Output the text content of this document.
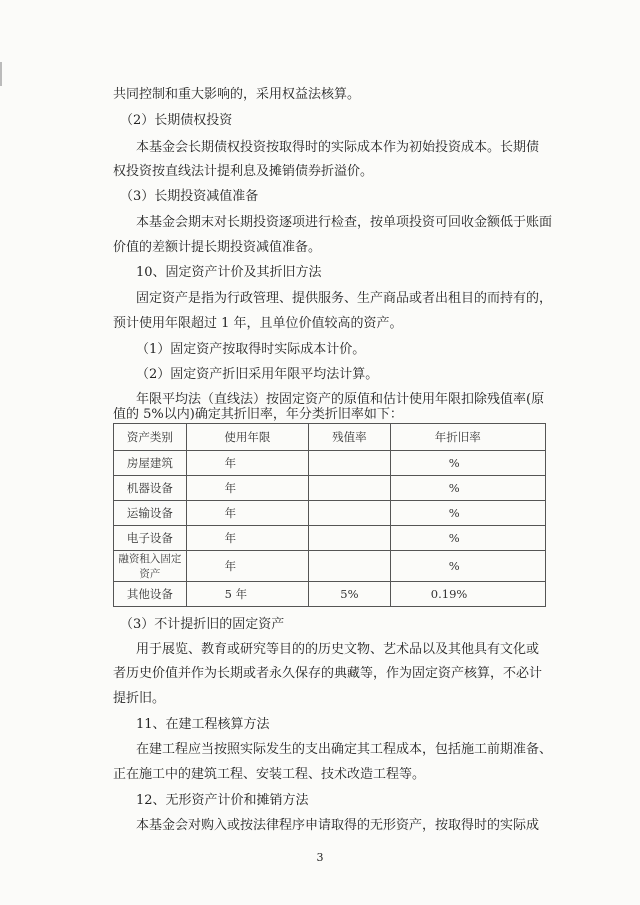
共同控制和重大影响的，采用权益法核算。
（2）长期债权投资
本基金会长期债权投资按取得时的实际成本作为初始投资成本。长期债
权投资按直线法计提利息及摊销债券折溢价。
（3）长期投资减值准备
本基金会期末对长期投资逐项进行检查，按单项投资可回收金额低于账面
价值的差额计提长期投资减值准备。
10、固定资产计价及其折旧方法
固定资产是指为行政管理、提供服务、生产商品或者出租目的而持有的，
预计使用年限超过 1 年，且单位价值较高的资产。
（1）固定资产按取得时实际成本计价。
（2）固定资产折旧采用年限平均法计算。
年限平均法（直线法）按固定资产的原值和估计使用年限扣除残值率(原
值的 5%以内)确定其折旧率，年分类折旧率如下：
资产类别	使用年限	残值率	年折旧率
房屋建筑	年		%
机器设备	年		%
运输设备	年		%
电子设备	年		%
融资租入固定资产	年		%
其他设备	5 年	5%	0.19%
（3）不计提折旧的固定资产
用于展览、教育或研究等目的的历史文物、艺术品以及其他具有文化或
者历史价值并作为长期或者永久保存的典藏等，作为固定资产核算，不必计
提折旧。
11、在建工程核算方法
在建工程应当按照实际发生的支出确定其工程成本，包括施工前期准备、
正在施工中的建筑工程、安装工程、技术改造工程等。
12、无形资产计价和摊销方法
本基金会对购入或按法律程序申请取得的无形资产，按取得时的实际成
3
